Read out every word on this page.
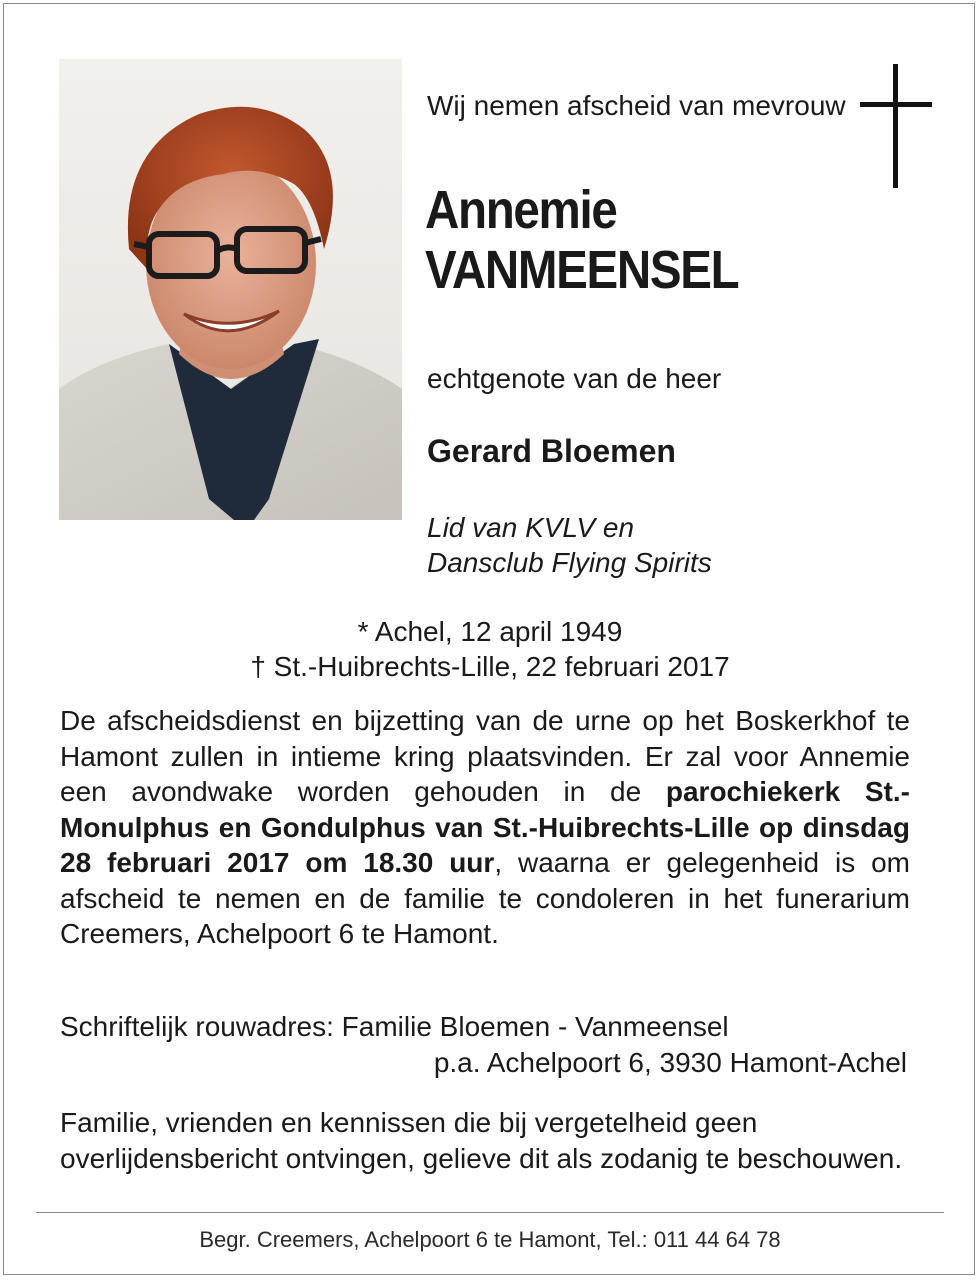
Wij nemen afscheid van mevrouw

Annemie
VANMEENSEL

echtgenote van de heer

Gerard Bloemen

Lid van KVLV en
Dansclub Flying Spirits

* Achel, 12 april 1949
† St.-Huibrechts-Lille, 22 februari 2017

De afscheidsdienst en bijzetting van de urne op het Boskerkhof te Hamont zullen in intieme kring plaatsvinden. Er zal voor Annemie een avondwake worden gehouden in de parochiekerk St.-Monulphus en Gondulphus van St.-Huibrechts-Lille op dinsdag 28 februari 2017 om 18.30 uur, waarna er gelegenheid is om afscheid te nemen en de familie te condoleren in het funerarium Creemers, Achelpoort 6 te Hamont.

Schriftelijk rouwadres: Familie Bloemen - Vanmeensel
p.a. Achelpoort 6, 3930 Hamont-Achel

Familie, vrienden en kennissen die bij vergetelheid geen overlijdensbericht ontvingen, gelieve dit als zodanig te beschouwen.

Begr. Creemers, Achelpoort 6 te Hamont, Tel.: 011 44 64 78
